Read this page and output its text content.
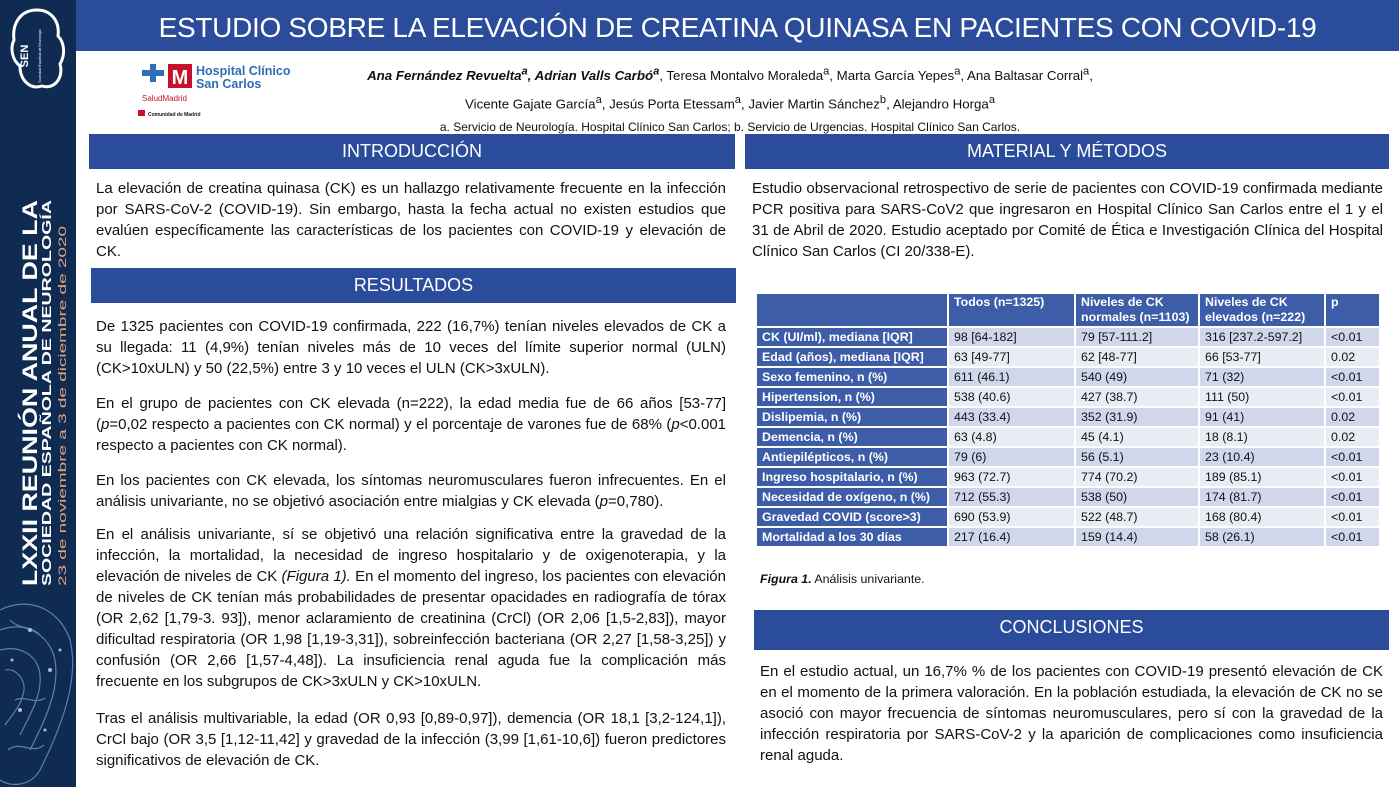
SEN Sociedad Española de Neurología
LXXII REUNIÓN ANUAL DE LA
SOCIEDAD ESPAÑOLA DE NEUROLOGÍA 23 de noviembre a 3 de diciembre de 2020
ESTUDIO SOBRE LA ELEVACIÓN DE CREATINA QUINASA EN PACIENTES CON COVID-19
M Hospital Clínico
San Carlos
SaludMadrid
Comunidad de Madrid
Ana Fernández Revuelta$^a$, Adrian Valls Carbó$^a$, Teresa Montalvo Moraleda$^a$, Marta García Yepes$^a$, Ana Baltasar Corral$^a$,
Vicente Gajate García$^a$, Jesús Porta Etessam$^a$, Javier Martin Sánchez$^b$, Alejandro Horga$^a$
a. Servicio de Neurología. Hospital Clínico San Carlos; b. Servicio de Urgencias. Hospital Clínico San Carlos.
INTRODUCCIÓN	MATERIAL Y MÉTODOS
RESULTADOS
CONCLUSIONES

La elevación de creatina quinasa (CK) es un hallazgo relativamente frecuente en la infección por SARS-CoV-2 (COVID-19). Sin embargo, hasta la fecha actual no existen estudios que evalúen específicamente las características de los pacientes con COVID-19 y elevación de CK.

Estudio observacional retrospectivo de serie de pacientes con COVID-19 confirmada mediante PCR positiva para SARS-CoV2 que ingresaron en Hospital Clínico San Carlos entre el 1 y el 31 de Abril de 2020. Estudio aceptado por Comité de Ética e Investigación Clínica del Hospital Clínico San Carlos (CI 20/338-E).

De 1325 pacientes con COVID-19 confirmada, 222 (16,7%) tenían niveles elevados de CK a su llegada: 11 (4,9%) tenían niveles más de 10 veces del límite superior normal (ULN) (CK>10xULN) y 50 (22,5%) entre 3 y 10 veces el ULN (CK>3xULN).

En el grupo de pacientes con CK elevada (n=222), la edad media fue de 66 años [53-77] (p=0,02 respecto a pacientes con CK normal) y el porcentaje de varones fue de 68% (p<0.001 respecto a pacientes con CK normal).

En los pacientes con CK elevada, los síntomas neuromusculares fueron infrecuentes. En el análisis univariante, no se objetivó asociación entre mialgias y CK elevada (p=0,780).

En el análisis univariante, sí se objetivó una relación significativa entre la gravedad de la infección, la mortalidad, la necesidad de ingreso hospitalario y de oxigenoterapia, y la elevación de niveles de CK (Figura 1). En el momento del ingreso, los pacientes con elevación de niveles de CK tenían más probabilidades de presentar opacidades en radiografía de tórax (OR 2,62 [1,79-3. 93]), menor aclaramiento de creatinina (CrCl) (OR 2,06 [1,5-2,83]), mayor dificultad respiratoria (OR 1,98 [1,19-3,31]), sobreinfección bacteriana (OR 2,27 [1,58-3,25]) y confusión (OR 2,66 [1,57-4,48]). La insuficiencia renal aguda fue la complicación más frecuente en los subgrupos de CK>3xULN y CK>10xULN.

Tras el análisis multivariable, la edad (OR 0,93 [0,89-0,97]), demencia (OR 18,1 [3,2-124,1]), CrCl bajo (OR 3,5 [1,12-11,42] y gravedad de la infección (3,99 [1,61-10,6]) fueron predictores significativos de elevación de CK.

	Todos (n=1325)	Niveles de CK normales (n=1103)	Niveles de CK elevados (n=222)	p
CK (UI/ml), mediana [IQR]	98 [64-182]	79 [57-111.2]	316 [237.2-597.2]	<0.01
Edad (años), mediana [IQR]	63 [49-77]	62 [48-77]	66 [53-77]	0.02
Sexo femenino, n (%)	611 (46.1)	540 (49)	71 (32)	<0.01
Hipertension, n (%)	538 (40.6)	427 (38.7)	111 (50)	<0.01
Dislipemia, n (%)	443 (33.4)	352 (31.9)	91 (41)	0.02
Demencia, n (%)	63 (4.8)	45 (4.1)	18 (8.1)	0.02
Antiepilépticos, n (%)	79 (6)	56 (5.1)	23 (10.4)	<0.01
Ingreso hospitalario, n (%)	963 (72.7)	774 (70.2)	189 (85.1)	<0.01
Necesidad de oxígeno, n (%)	712 (55.3)	538 (50)	174 (81.7)	<0.01
Gravedad COVID (score>3)	690 (53.9)	522 (48.7)	168 (80.4)	<0.01
Mortalidad a los 30 días	217 (16.4)	159 (14.4)	58 (26.1)	<0.01
Figura 1. Análisis univariante.

En el estudio actual, un 16,7% % de los pacientes con COVID-19 presentó elevación de CK en el momento de la primera valoración. En la población estudiada, la elevación de CK no se asoció con mayor frecuencia de síntomas neuromusculares, pero sí con la gravedad de la infección respiratoria por SARS-CoV-2 y la aparición de complicaciones como insuficiencia renal aguda.
